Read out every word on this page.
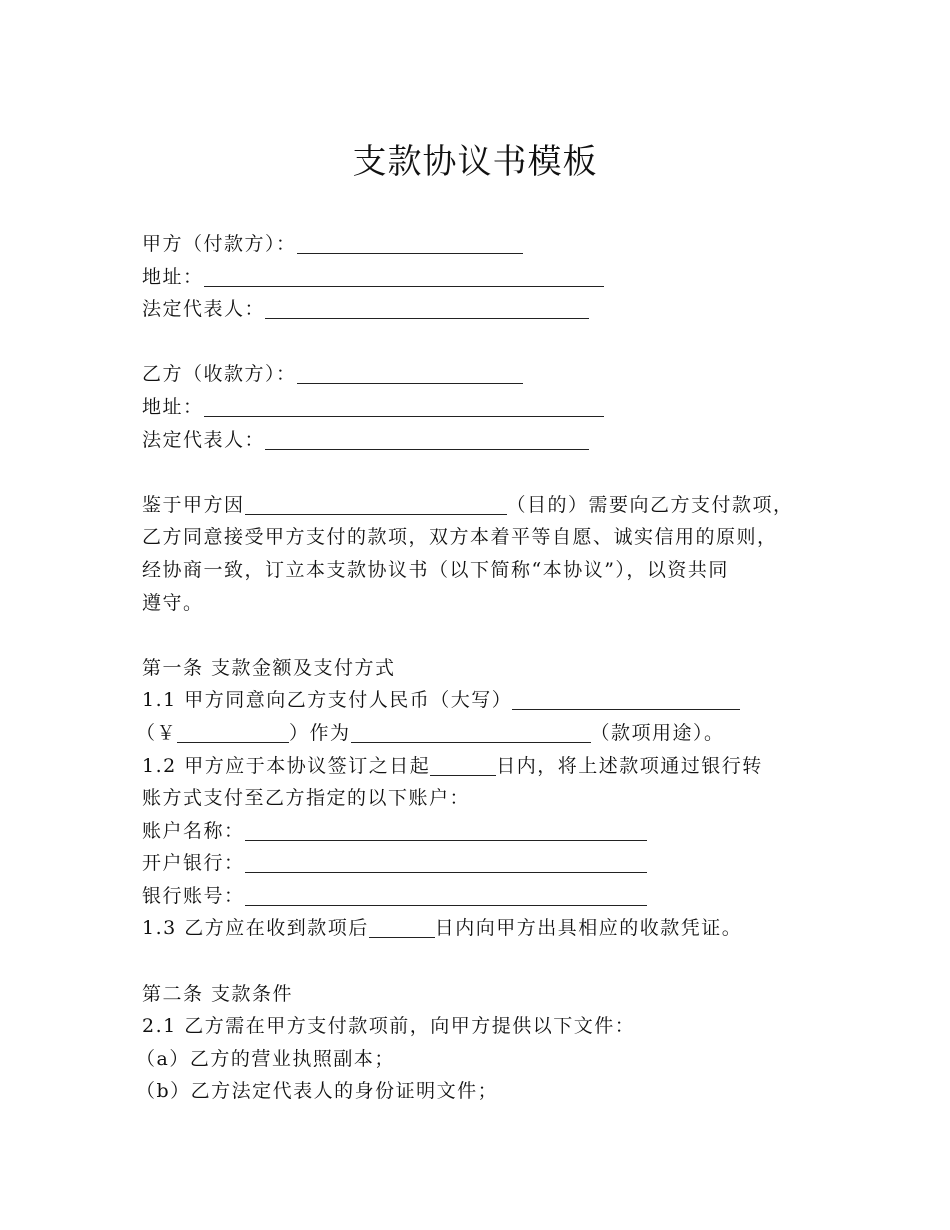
支款协议书模板
甲方（付款方）：
地址：
法定代表人：
乙方（收款方）：
地址：
法定代表人：
鉴于甲方因	（目的）需要向乙方支付款项，
乙方同意接受甲方支付的款项，双方本着平等自愿、诚实信用的原则，
经协商一致，订立本支款协议书（以下简称“本协议”），以资共同
遵守。
第一条 支款金额及支付方式
1.1 甲方同意向乙方支付人民币（大写）
（￥	）作为	（款项用途）。
1.2 甲方应于本协议签订之日起	日内，将上述款项通过银行转
账方式支付至乙方指定的以下账户：
账户名称：
开户银行：
银行账号：
1.3 乙方应在收到款项后	日内向甲方出具相应的收款凭证。
第二条 支款条件
2.1 乙方需在甲方支付款项前，向甲方提供以下文件：
（a）乙方的营业执照副本；
（b）乙方法定代表人的身份证明文件；
